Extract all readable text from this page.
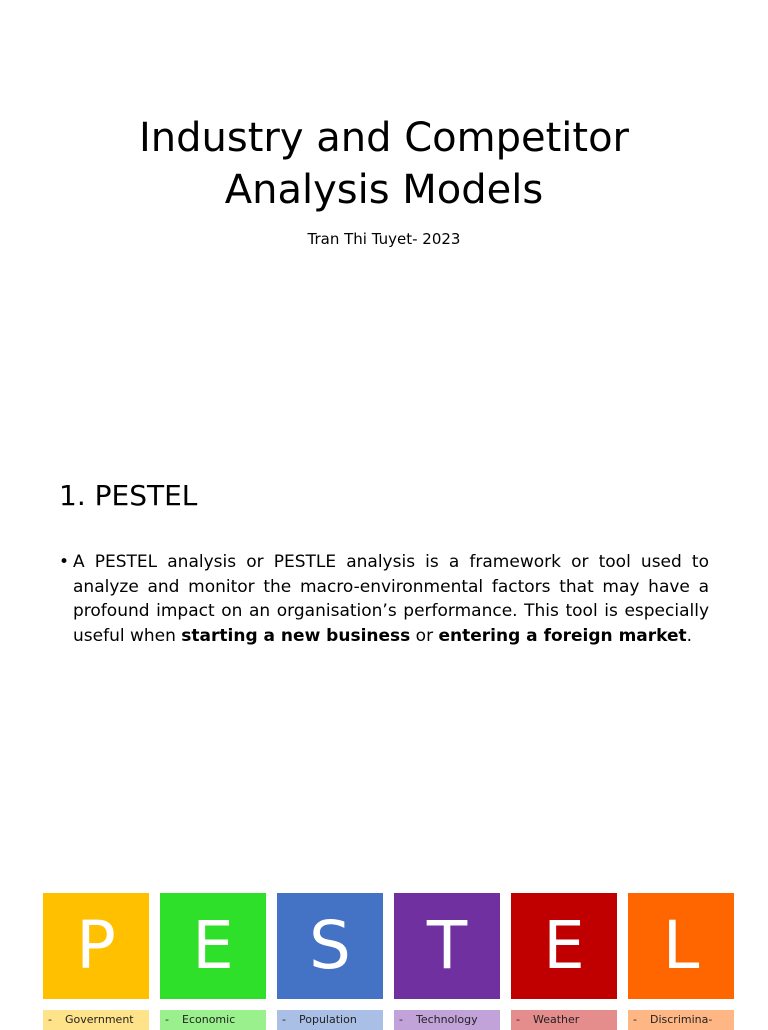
Industry and Competitor
Analysis Models
Tran Thi Tuyet- 2023
1. PESTEL
• A PESTEL analysis or PESTLE analysis is a framework or tool used to analyze and monitor the macro-environmental factors that may have a profound impact on an organisation’s performance. This tool is especially useful when starting a new business or entering a foreign market.
P
- Government
E
- Economic
S
- Population
T
- Technology
E
- Weather
L
- Discrimina-
